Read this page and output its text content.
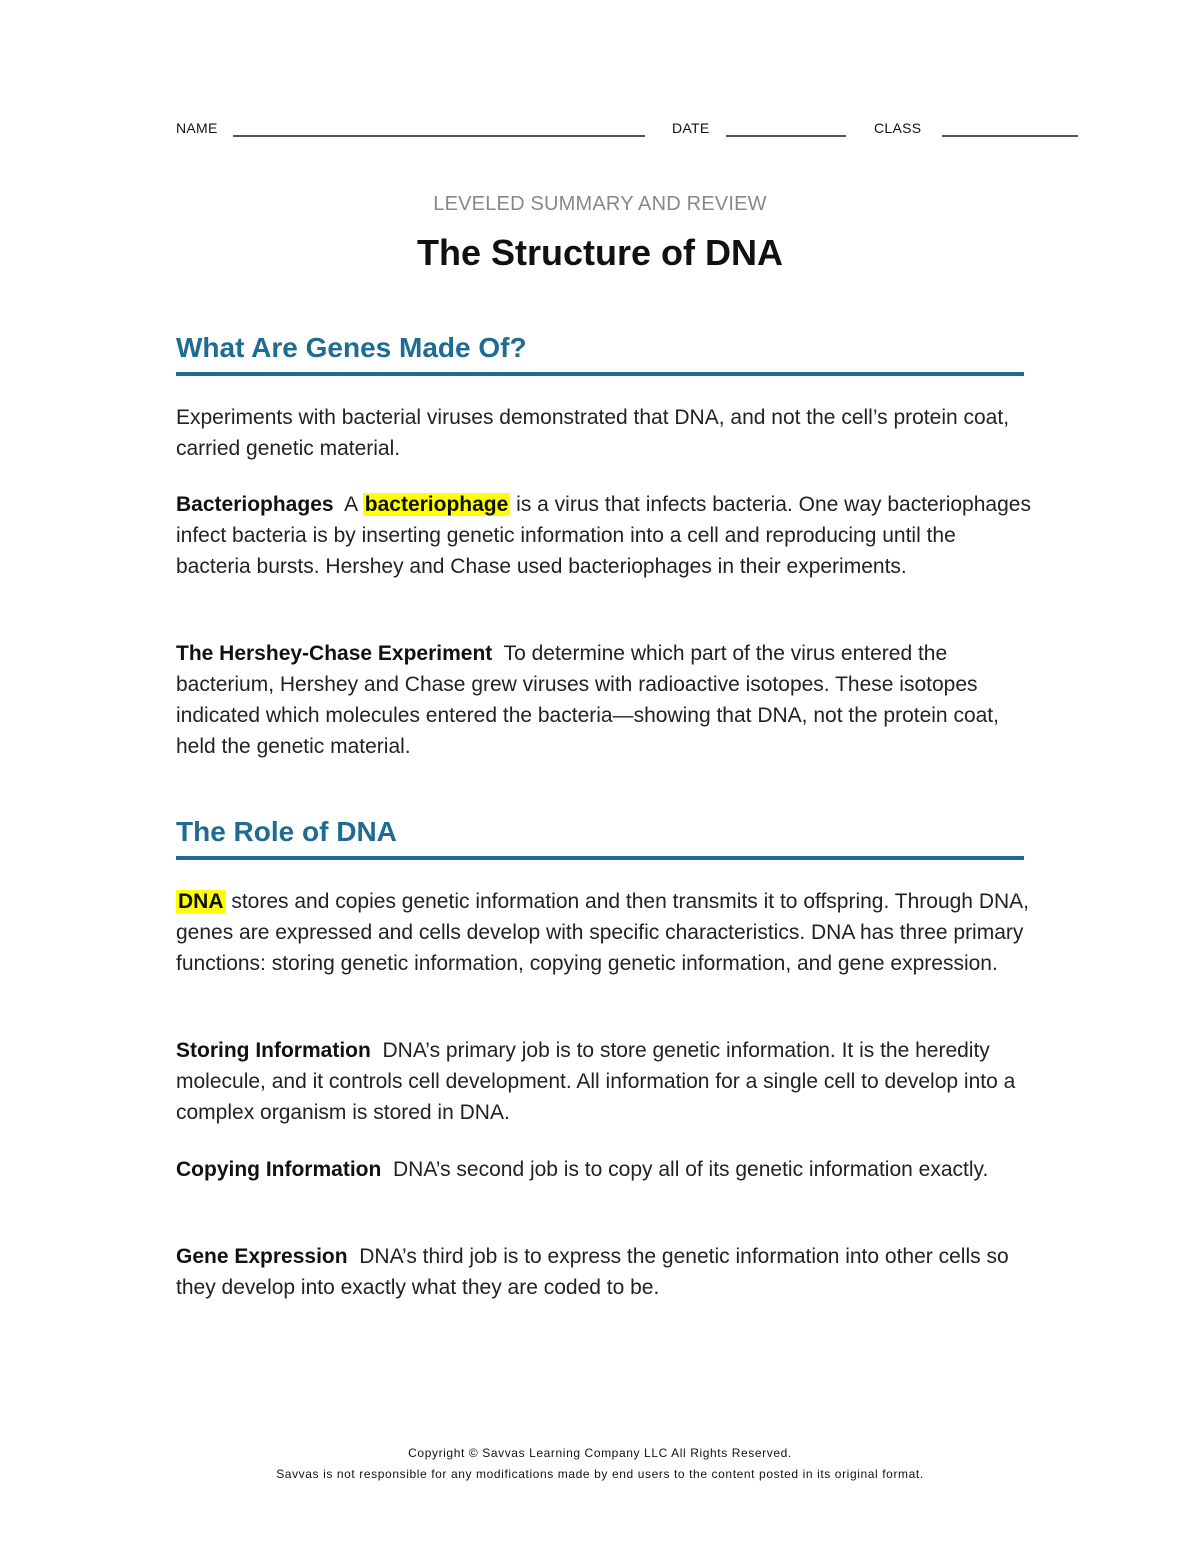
NAME	DATE	CLASS
LEVELED SUMMARY AND REVIEW
The Structure of DNA
What Are Genes Made Of?
Experiments with bacterial viruses demonstrated that DNA, and not the cell’s protein coat, carried genetic material.
Bacteriophages A bacteriophage is a virus that infects bacteria. One way bacteriophages infect bacteria is by inserting genetic information into a cell and reproducing until the bacteria bursts. Hershey and Chase used bacteriophages in their experiments.
The Hershey-Chase Experiment To determine which part of the virus entered the bacterium, Hershey and Chase grew viruses with radioactive isotopes. These isotopes indicated which molecules entered the bacteria—showing that DNA, not the protein coat, held the genetic material.
The Role of DNA
DNA stores and copies genetic information and then transmits it to offspring. Through DNA, genes are expressed and cells develop with specific characteristics. DNA has three primary functions: storing genetic information, copying genetic information, and gene expression.
Storing Information DNA’s primary job is to store genetic information. It is the heredity molecule, and it controls cell development. All information for a single cell to develop into a complex organism is stored in DNA.
Copying Information DNA’s second job is to copy all of its genetic information exactly.
Gene Expression DNA’s third job is to express the genetic information into other cells so they develop into exactly what they are coded to be.
Copyright © Savvas Learning Company LLC All Rights Reserved.
Savvas is not responsible for any modifications made by end users to the content posted in its original format.
